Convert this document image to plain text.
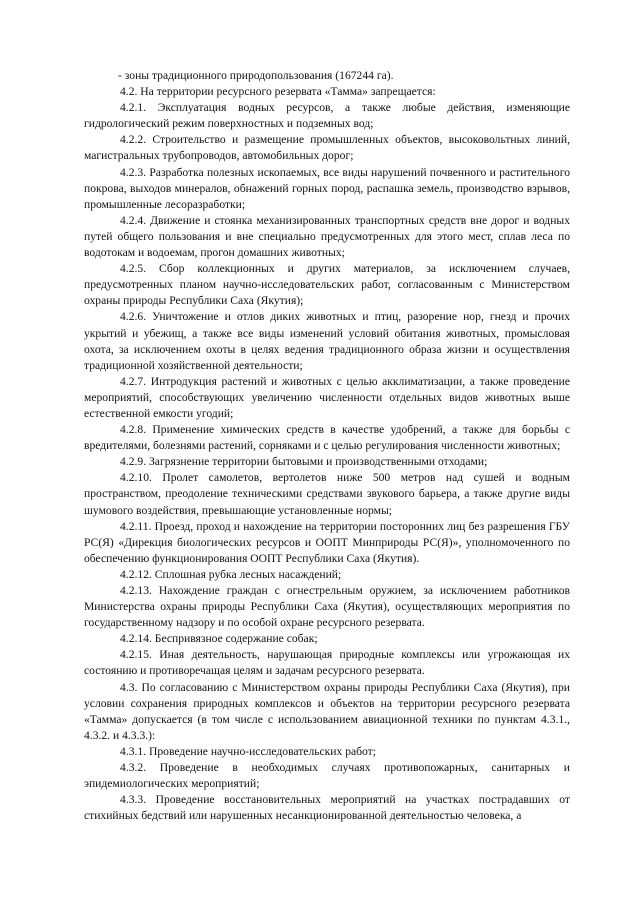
- зоны традиционного природопользования (167244 га).

4.2. На территории ресурсного резервата «Тамма» запрещается:

4.2.1. Эксплуатация водных ресурсов, а также любые действия, изменяющие гидрологический режим поверхностных и подземных вод;

4.2.2. Строительство и размещение промышленных объектов, высоковольтных линий, магистральных трубопроводов, автомобильных дорог;

4.2.3. Разработка полезных ископаемых, все виды нарушений почвенного и растительного покрова, выходов минералов, обнажений горных пород, распашка земель, производство взрывов, промышленные лесоразработки;

4.2.4. Движение и стоянка механизированных транспортных средств вне дорог и водных путей общего пользования и вне специально предусмотренных для этого мест, сплав леса по водотокам и водоемам, прогон домашних животных;

4.2.5. Сбор коллекционных и других материалов, за исключением случаев, предусмотренных планом научно-исследовательских работ, согласованным с Министерством охраны природы Республики Саха (Якутия);

4.2.6. Уничтожение и отлов диких животных и птиц, разорение нор, гнезд и прочих укрытий и убежищ, а также все виды изменений условий обитания животных, промысловая охота, за исключением охоты в целях ведения традиционного образа жизни и осуществления традиционной хозяйственной деятельности;

4.2.7. Интродукция растений и животных с целью акклиматизации, а также проведение мероприятий, способствующих увеличению численности отдельных видов животных выше естественной емкости угодий;

4.2.8. Применение химических средств в качестве удобрений, а также для борьбы с вредителями, болезнями растений, сорняками и с целью регулирования численности животных;

4.2.9. Загрязнение территории бытовыми и производственными отходами;

4.2.10. Пролет самолетов, вертолетов ниже 500 метров над сушей и водным пространством, преодоление техническими средствами звукового барьера, а также другие виды шумового воздействия, превышающие установленные нормы;

4.2.11. Проезд, проход и нахождение на территории посторонних лиц без разрешения ГБУ РС(Я) «Дирекция биологических ресурсов и ООПТ Минприроды РС(Я)», уполномоченного по обеспечению функционирования ООПТ Республики Саха (Якутия).

4.2.12. Сплошная рубка лесных насаждений;

4.2.13. Нахождение граждан с огнестрельным оружием, за исключением работников Министерства охраны природы Республики Саха (Якутия), осуществляющих мероприятия по государственному надзору и по особой охране ресурсного резервата.

4.2.14. Беспривязное содержание собак;

4.2.15. Иная деятельность, нарушающая природные комплексы или угрожающая их состоянию и противоречащая целям и задачам ресурсного резервата.

4.3. По согласованию с Министерством охраны природы Республики Саха (Якутия), при условии сохранения природных комплексов и объектов на территории ресурсного резервата «Тамма» допускается (в том числе с использованием авиационной техники по пунктам 4.3.1., 4.3.2. и 4.3.3.):

4.3.1. Проведение научно-исследовательских работ;

4.3.2. Проведение в необходимых случаях противопожарных, санитарных и эпидемиологических мероприятий;

4.3.3. Проведение восстановительных мероприятий на участках пострадавших от стихийных бедствий или нарушенных несанкционированной деятельностью человека, а
